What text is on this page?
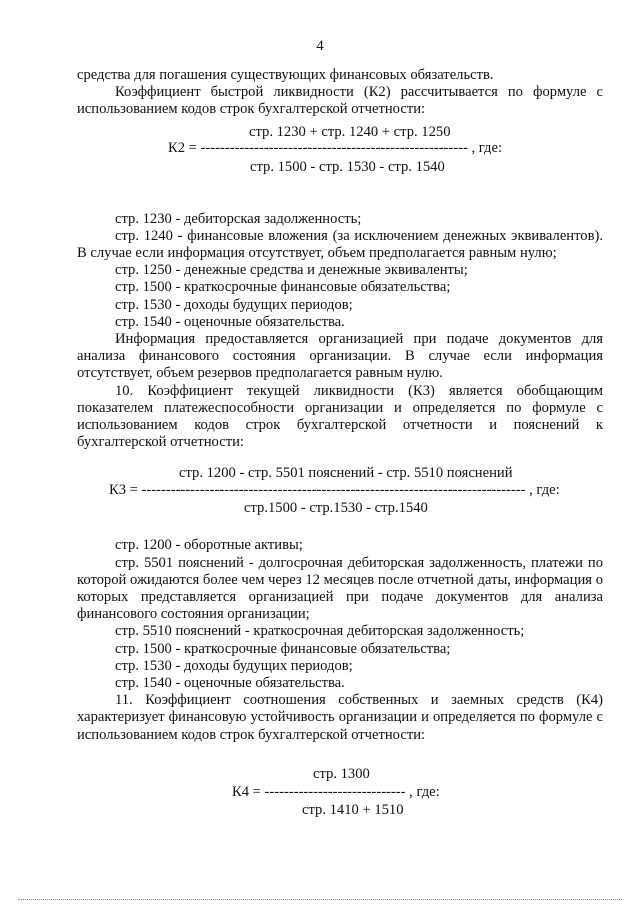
4

средства для погашения существующих финансовых обязательств.

Коэффициент быстрой ликвидности (К2) рассчитывается по формуле с использованием кодов строк бухгалтерской отчетности:

стр. 1230 + стр. 1240 + стр. 1250
К2 = ------------------------------------------------------- , где:
стр. 1500 - стр. 1530 - стр. 1540

стр. 1230 - дебиторская задолженность;

стр. 1240 - финансовые вложения (за исключением денежных эквивалентов). В случае если информация отсутствует, объем предполагается равным нулю;

стр. 1250 - денежные средства и денежные эквиваленты;

стр. 1500 - краткосрочные финансовые обязательства;

стр. 1530 - доходы будущих периодов;

стр. 1540 - оценочные обязательства.

Информация предоставляется организацией при подаче документов для анализа финансового состояния организации. В случае если информация отсутствует, объем резервов предполагается равным нулю.

10. Коэффициент текущей ликвидности (К3) является обобщающим показателем платежеспособности организации и определяется по формуле с использованием кодов строк бухгалтерской отчетности и пояснений к бухгалтерской отчетности:

стр. 1200 - стр. 5501 пояснений - стр. 5510 пояснений
К3 = ------------------------------------------------------------------------------- , где:
стр.1500 - стр.1530 - стр.1540

стр. 1200 - оборотные активы;

стр. 5501 пояснений - долгосрочная дебиторская задолженность, платежи по которой ожидаются более чем через 12 месяцев после отчетной даты, информация о которых представляется организацией при подаче документов для анализа финансового состояния организации;

стр. 5510 пояснений - краткосрочная дебиторская задолженность;

стр. 1500 - краткосрочные финансовые обязательства;

стр. 1530 - доходы будущих периодов;

стр. 1540 - оценочные обязательства.

11. Коэффициент соотношения собственных и заемных средств (К4) характеризует финансовую устойчивость организации и определяется по формуле с использованием кодов строк бухгалтерской отчетности:

стр. 1300
К4 = ----------------------------- , где:
стр. 1410 + 1510
